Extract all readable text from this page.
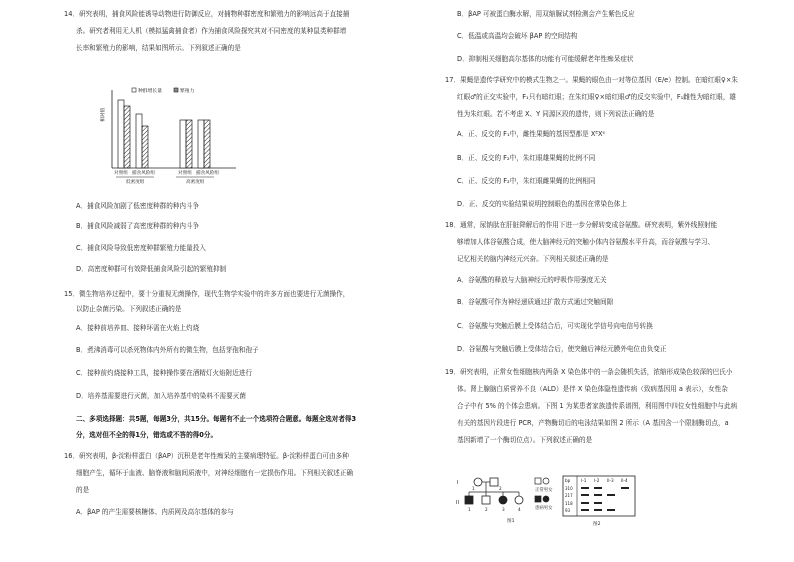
14．研究表明，捕食风险能诱导动物进行防御反应，对捕物种群密度和繁殖力的影响远高于直接捕
杀。研究者利用无人机（模拟猛禽捕食者）作为捕食风险探究其对不同密度的某种鼠类种群增
长率和繁殖力的影响，结果如图所示。下列叙述正确的是
种群增长量	繁殖力
相对值
对照组 捕食风险组	对照组 捕食风险组
低密度组	高密度组
A．捕食风险加剧了低密度种群的种内斗争
B．捕食风险减弱了高密度种群的种内斗争
C．捕食风险导致低密度种群繁殖力能量投入
D．高密度种群可有效降低捕食风险引起的繁殖抑制
15．微生物培养过程中，要十分重视无菌操作，现代生物学实验中的许多方面也要进行无菌操作，
以防止杂菌污染。下列叙述正确的是
A．接种前培养皿、接种环需在火焰上灼烧
B．煮沸消毒可以杀死物体内外所有的微生物，包括芽孢和孢子
C．接种前灼烧接种工具，接种操作要在酒精灯火焰附近进行
D．培养基需要进行灭菌，加入培养基中的染料不需要灭菌
二、多项选择题：共5题，每题3分，共15分。每题有不止一个选项符合题意。每题全选对者得3
分，选对但不全的得1分，错选或不答的得0分。
16．研究表明，β-淀粉样蛋白（βAP）沉积是老年性痴呆的主要病理特征。β-淀粉样蛋白可由多种
细胞产生，循环于血液、脑脊液和脑间质液中，对神经细胞有一定损伤作用。下列相关叙述正确
的是
A．βAP 的产生需要核糖体、内质网及高尔基体的参与
B．βAP 可被蛋白酶水解，用双缩脲试剂检测会产生紫色反应
C．低温或高温均会破坏 βAP 的空间结构
D．抑制相关细胞高尔基体的功能有可能缓解老年性痴呆症状
17．果蝇是遗传学研究中的模式生物之一。果蝇的眼色由一对等位基因（E/e）控制。在暗红眼♀×朱
红眼♂的正交实验中，F₁只有暗红眼；在朱红眼♀×暗红眼♂的反交实验中，F₁雌性为暗红眼，雄
性为朱红眼。若不考虑 X、Y 同源区段的遗传，则下列说法正确的是
A．正、反交的 F₁中，雌性果蝇的基因型都是 XᴱXᵉ
B．正、反交的 F₂中，朱红眼雄果蝇的比例不同
C．正、反交的 F₂中，朱红眼雌果蝇的比例相同
D．正、反交的实验结果说明控制眼色的基因在常染色体上
18．通常，尿钠肽在肝脏降解后的作用下进一步分解转变成谷氨酸。研究表明，紫外线照射能
够增加人体谷氨酸合成，使大脑神经元的突触小体内谷氨酸水平升高，而谷氨酸与学习、
记忆相关的脑内神经元兴奋。下列相关叙述正确的是
A．谷氨酸的释放与大脑神经元的呼吸作用强度无关
B．谷氨酸可作为神经递质通过扩散方式通过突触间隙
C．谷氨酸与突触后膜上受体结合后，可实现化学信号向电信号转换
D．谷氨酸与突触后膜上受体结合后，使突触后神经元膜外电位由负变正
19．研究表明，正常女性细胞核内两条 X 染色体中的一条会随机失活，浓缩形成染色较深的巴氏小
体。肾上腺脑白质营养不良（ALD）是伴 X 染色体隐性遗传病（致病基因用 a 表示），女性杂
合子中有 5% 的个体会患病。下图 1 为某患者家族遗传系谱图，利用图中四位女性细胞中与此病
有关的基因片段进行 PCR，产物酶切后的电泳结果如图 2 所示（A 基因含一个限制酶切点，a
基因新增了一个酶切位点）。下列叙述正确的是
I
II
1	2
1	2	3	4
正常男女
患病男女
图1
bp	I-1 I-2 II-3 II-4
310
217
118
93
图2
